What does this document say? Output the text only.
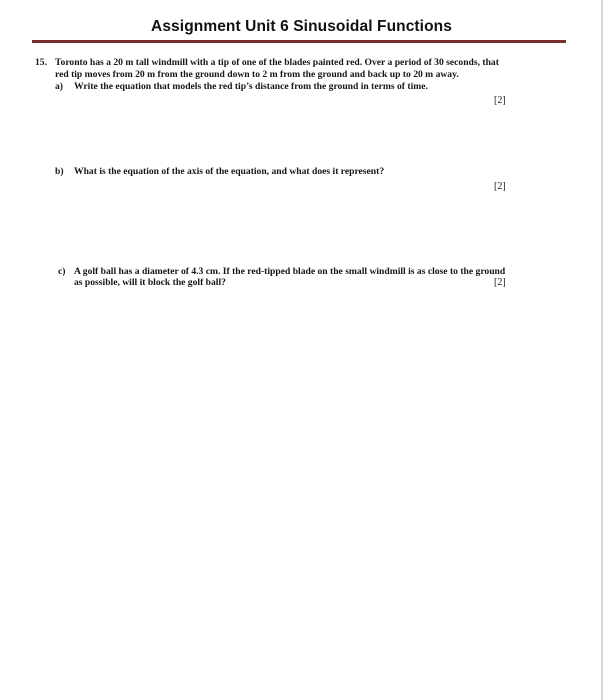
Assignment Unit 6 Sinusoidal Functions
15. Toronto has a 20 m tall windmill with a tip of one of the blades painted red. Over a period of 30 seconds, that
red tip moves from 20 m from the ground down to 2 m from the ground and back up to 20 m away.
a) Write the equation that models the red tip’s distance from the ground in terms of time.
[2]
b) What is the equation of the axis of the equation, and what does it represent?
[2]
c) A golf ball has a diameter of 4.3 cm. If the red-tipped blade on the small windmill is as close to the ground
as possible, will it block the golf ball?	[2]
